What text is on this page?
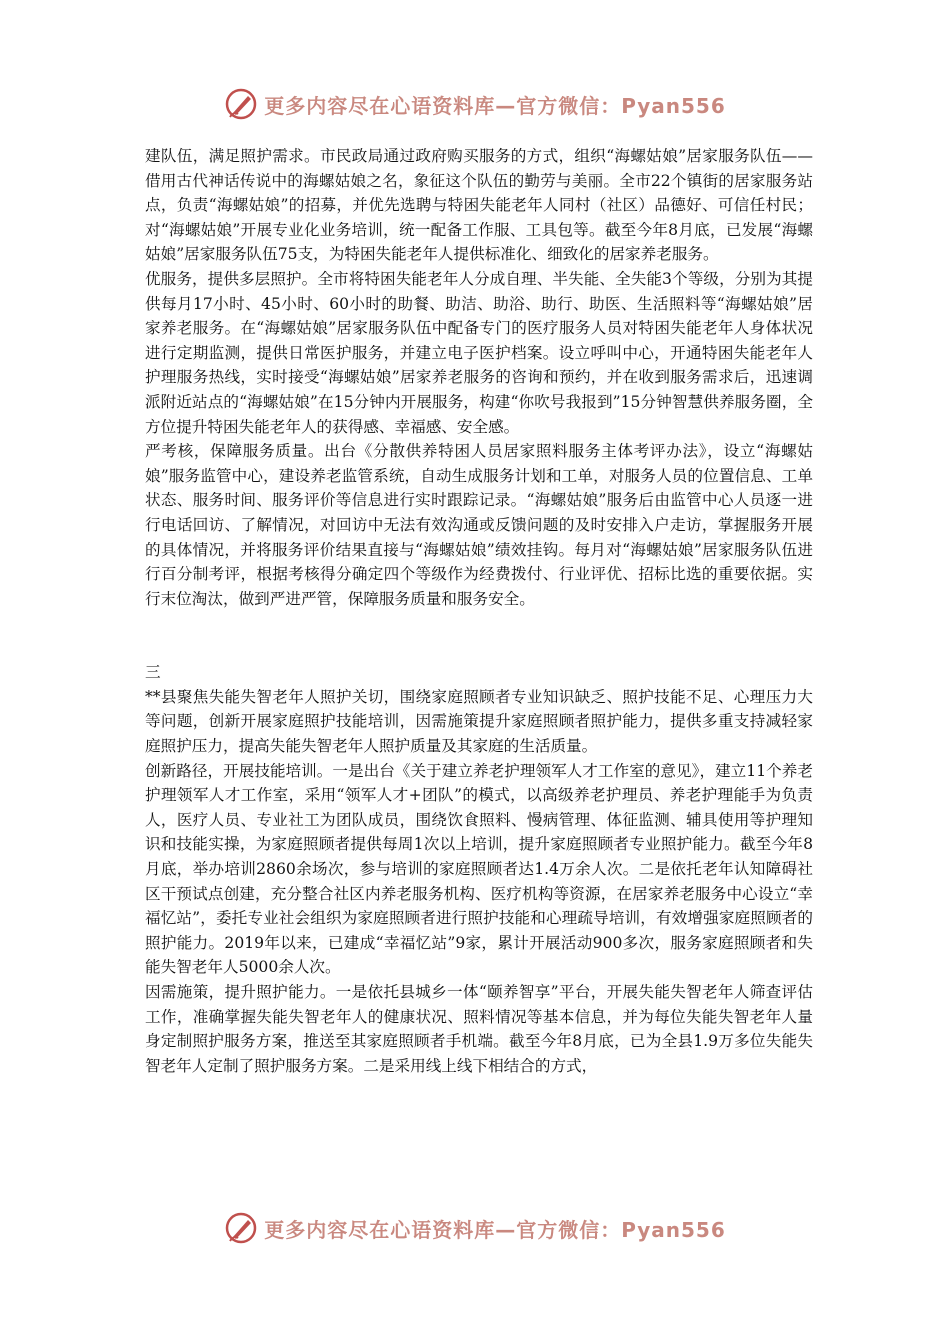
更多内容尽在心语资料库—官方微信：Pyan556

建队伍，满足照护需求。市民政局通过政府购买服务的方式，组织“海螺姑娘”居家服务队伍——借用古代神话传说中的海螺姑娘之名，象征这个队伍的勤劳与美丽。全市22个镇街的居家服务站点，负责“海螺姑娘”的招募，并优先选聘与特困失能老年人同村（社区）品德好、可信任村民；对“海螺姑娘”开展专业化业务培训，统一配备工作服、工具包等。截至今年8月底，已发展“海螺姑娘”居家服务队伍75支，为特困失能老年人提供标准化、细致化的居家养老服务。

优服务，提供多层照护。全市将特困失能老年人分成自理、半失能、全失能3个等级，分别为其提供每月17小时、45小时、60小时的助餐、助洁、助浴、助行、助医、生活照料等“海螺姑娘”居家养老服务。在“海螺姑娘”居家服务队伍中配备专门的医疗服务人员对特困失能老年人身体状况进行定期监测，提供日常医护服务，并建立电子医护档案。设立呼叫中心，开通特困失能老年人护理服务热线，实时接受“海螺姑娘”居家养老服务的咨询和预约，并在收到服务需求后，迅速调派附近站点的“海螺姑娘”在15分钟内开展服务，构建“你吹号我报到”15分钟智慧供养服务圈，全方位提升特困失能老年人的获得感、幸福感、安全感。

严考核，保障服务质量。出台《分散供养特困人员居家照料服务主体考评办法》，设立“海螺姑娘”服务监管中心，建设养老监管系统，自动生成服务计划和工单，对服务人员的位置信息、工单状态、服务时间、服务评价等信息进行实时跟踪记录。“海螺姑娘”服务后由监管中心人员逐一进行电话回访、了解情况，对回访中无法有效沟通或反馈问题的及时安排入户走访，掌握服务开展的具体情况，并将服务评价结果直接与“海螺姑娘”绩效挂钩。每月对“海螺姑娘”居家服务队伍进行百分制考评，根据考核得分确定四个等级作为经费拨付、行业评优、招标比选的重要依据。实行末位淘汰，做到严进严管，保障服务质量和服务安全。

三

**县聚焦失能失智老年人照护关切，围绕家庭照顾者专业知识缺乏、照护技能不足、心理压力大等问题，创新开展家庭照护技能培训，因需施策提升家庭照顾者照护能力，提供多重支持减轻家庭照护压力，提高失能失智老年人照护质量及其家庭的生活质量。

创新路径，开展技能培训。一是出台《关于建立养老护理领军人才工作室的意见》，建立11个养老护理领军人才工作室，采用“领军人才+团队”的模式，以高级养老护理员、养老护理能手为负责人，医疗人员、专业社工为团队成员，围绕饮食照料、慢病管理、体征监测、辅具使用等护理知识和技能实操，为家庭照顾者提供每周1次以上培训，提升家庭照顾者专业照护能力。截至今年8月底，举办培训2860余场次，参与培训的家庭照顾者达1.4万余人次。二是依托老年认知障碍社区干预试点创建，充分整合社区内养老服务机构、医疗机构等资源，在居家养老服务中心设立“幸福忆站”，委托专业社会组织为家庭照顾者进行照护技能和心理疏导培训，有效增强家庭照顾者的照护能力。2019年以来，已建成“幸福忆站”9家，累计开展活动900多次，服务家庭照顾者和失能失智老年人5000余人次。

因需施策，提升照护能力。一是依托县城乡一体“颐养智享”平台，开展失能失智老年人筛查评估工作，准确掌握失能失智老年人的健康状况、照料情况等基本信息，并为每位失能失智老年人量身定制照护服务方案，推送至其家庭照顾者手机端。截至今年8月底，已为全县1.9万多位失能失智老年人定制了照护服务方案。二是采用线上线下相结合的方式，

更多内容尽在心语资料库—官方微信：Pyan556
